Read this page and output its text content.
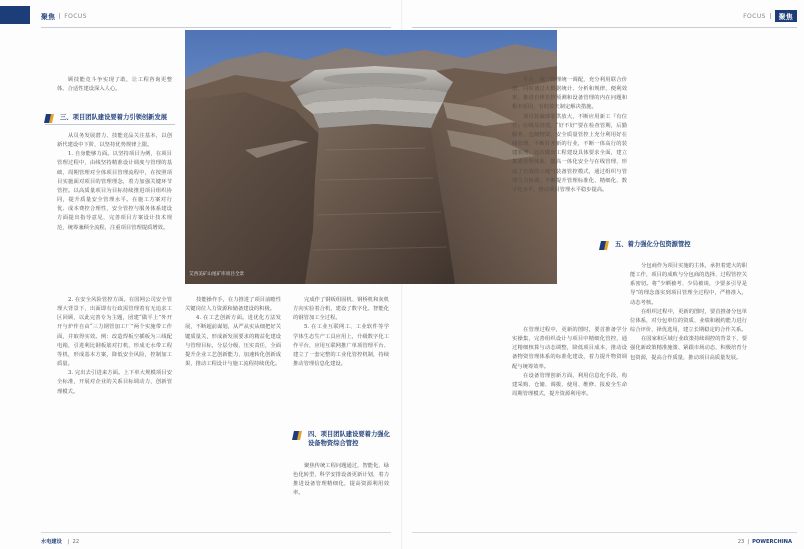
聚焦 FOCUS	FOCUS	聚焦

顾技能竞斗争实现了敢，让工程咨询更整体、合适性建设深入人心。

三、项目团队建设要着力引领创新发展

从员务发展潜力、技能竞品关注基本，以创新代建设中下阶，以坚持优势规律上限。

1. 自身能够力面。以坚持项目为例，在项目管理过程中，由线坚持精准设计调度与管理的基础，周期管理对全体项目管理流程中，在按照项目实施面对项目的管理理念，着力加强关键环节管控。以高质量项目为目标持续推进项目组织协同，提升质量安全管理水平。在施工方案对行优、成本费控合理性，安全管控与服务体系建设方面提出指导意见，完善项目方案设计技术规范，统筹兼顾全流程，注重项目管理提质增效。

2. 在安全风险管控方面。在国网公司安全管理大背景下，出面即有行政需管理着有无追求工区回顾，以此完善专为主题，团建“做平上”外开开与炉作自由“三力钢管加工厂”两个实施带工作面，并取得实效。例：改造焊板空插板为三线配电箱，引进利比钢板筋对打机，形成无水带工程等机，形成基本方案，降低安全风险，控制加工质量。

3. 完出去引进来方面。上下单大规模项目安全标准，开展对企业的关系目标调动力，创新管理模式。

技能操作手，在力推进了项目前瞻性关键岗位人力资源和储备建设的积极。

4. 在工艺创新方面。进优化方法发展，不断超前谋划，从严从实从细把好关键质量关，形成新发展要求的精益化建设与管理目标，分层分级、压实责任，全面提升企业工艺创新能力，加速转化创新成果，推动工程设计与施工流程持续优化。

完成作了钢板组固机、钢桥机和灰机方向实验着合机，建设了数字化、智能化的钢管加工全过程。

5. 在工业互联网工、工业软件等学学体生态生产工具应用上，升级数字化工作平台，应用互联网推广单项管理平台、建立了一套完整的工业化管控机制，持续推动管理信息化建设。

四、项目团队建设要着力强化设备物资综合管控

聚焦传统工程问题通过，智能化、绿色化转型，科学安排设备更新计划，着力推进设备管理精细化，提高资源利用效率。

艾西美矿山尾矿库项目全景

平台，统一管理统一调配，充分利用联合价值，同时通过大数据统计、分析和规律，便利效率，推进自律管控预测和设备管理的内在问题和根本原因，有的放矢制定解决措施。

项目装载部装供放大，不断应用新工『有位有』在线及国建，“好不好”要在检查管期，后勤服务、仓储物资、安全质量管控上充分利用好在线管理，不断打开新的行业，不断一体高行的装建装理，这次做出工程建设具体要求全面，建立集成管理体系，提高一体化安全与在线管理，形成了有效的工地与装备管控模式，通过组织与管理合力协调，不断提升管理标准化、精细化、数字化水平，推动项目管理水平稳步提高。

在管理过程中，更新的图时，要首推备学分实操集，完善组织设计与项目中精细化管控，通过精细核算与动态调整，降低项目成本，推动设备物资管理体系的标准化建设，着力提升物资调配与统筹效率。

在设备管理创新方面，利用信息化手段，构建采购、仓储、调拨、使用、维修、报废全生命周期管理模式，提升资源利用率。

五、着力强化分包资源管控

分包商作为项目实施的主体，承担着建大的职能工作，项目的成败与分包商的选择、过程管控关系密切。将“少晒被考、少局被谈，少要多引导是导”的理念落实到项目管理全过程中，严格准入，动态考核。

在组织过程中，更新的图时，要首推备分包单位体系，对分包单位的资质、业绩和履约能力进行综合评价，择优选用，建立长期稳定的合作关系。

在国家和区域行业政策持续调控的背景下，要强化新政策精准施策、紧跟市场动态，积极培育分包资源，提高合作质量，推动项目高质量发展。

水电建设 | 22	23 | POWERCHINA
